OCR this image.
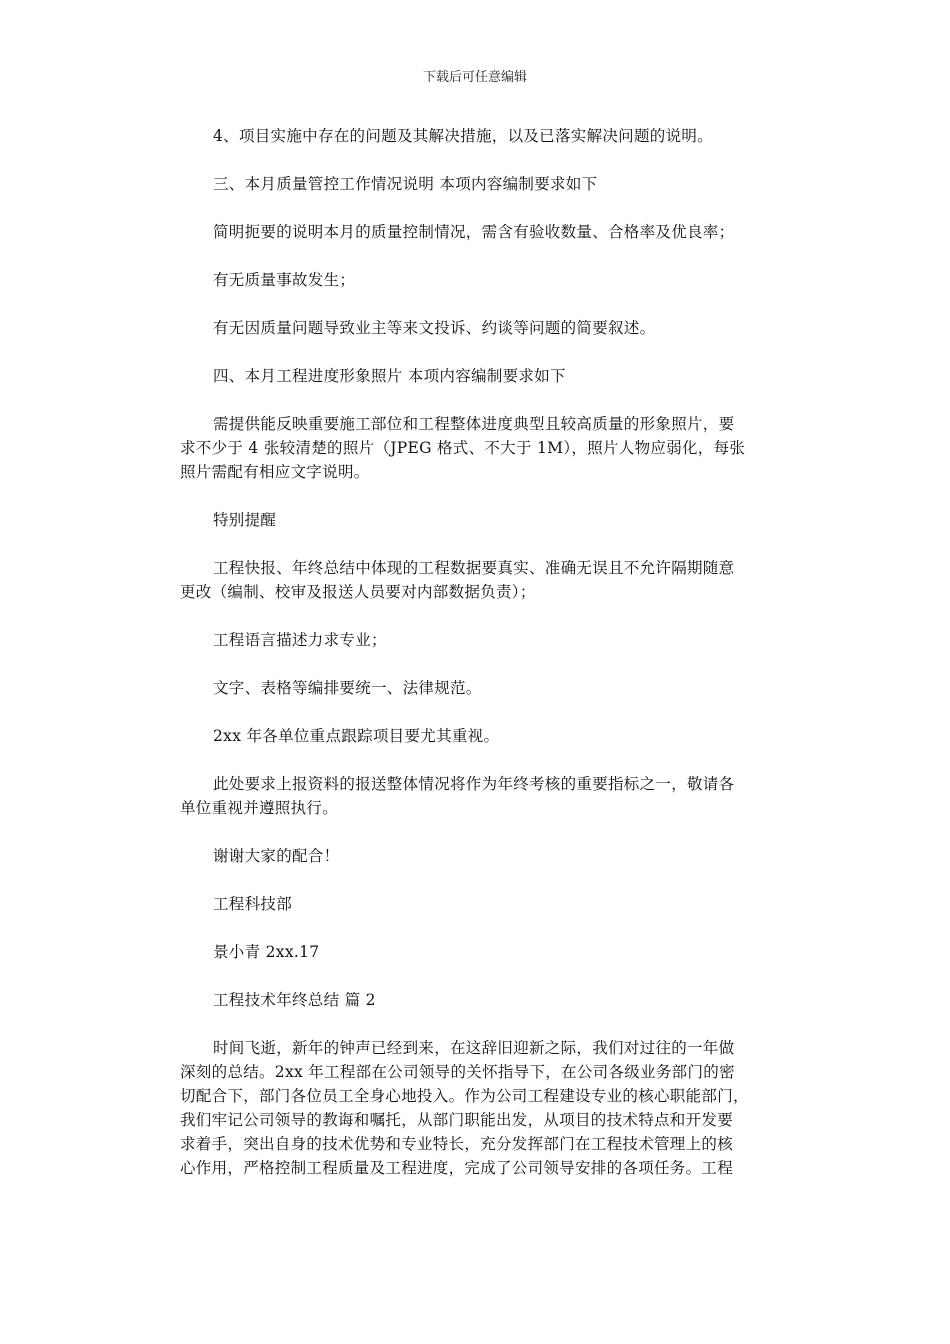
下载后可任意编辑
4、项目实施中存在的问题及其解决措施，以及已落实解决问题的说明。
三、本月质量管控工作情况说明 本项内容编制要求如下
简明扼要的说明本月的质量控制情况，需含有验收数量、合格率及优良率；
有无质量事故发生；
有无因质量问题导致业主等来文投诉、约谈等问题的简要叙述。
四、本月工程进度形象照片 本项内容编制要求如下
需提供能反映重要施工部位和工程整体进度典型且较高质量的形象照片，要
求不少于 4 张较清楚的照片（JPEG 格式、不大于 1M），照片人物应弱化，每张
照片需配有相应文字说明。
特别提醒
工程快报、年终总结中体现的工程数据要真实、准确无误且不允许隔期随意
更改（编制、校审及报送人员要对内部数据负责）；
工程语言描述力求专业；
文字、表格等编排要统一、法律规范。
2xx 年各单位重点跟踪项目要尤其重视。
此处要求上报资料的报送整体情况将作为年终考核的重要指标之一，敬请各
单位重视并遵照执行。
谢谢大家的配合！
工程科技部
景小青 2xx.17
工程技术年终总结 篇 2
时间飞逝，新年的钟声已经到来，在这辞旧迎新之际，我们对过往的一年做
深刻的总结。2xx 年工程部在公司领导的关怀指导下，在公司各级业务部门的密
切配合下，部门各位员工全身心地投入。作为公司工程建设专业的核心职能部门，
我们牢记公司领导的教诲和嘱托，从部门职能出发，从项目的技术特点和开发要
求着手，突出自身的技术优势和专业特长，充分发挥部门在工程技术管理上的核
心作用，严格控制工程质量及工程进度，完成了公司领导安排的各项任务。工程
